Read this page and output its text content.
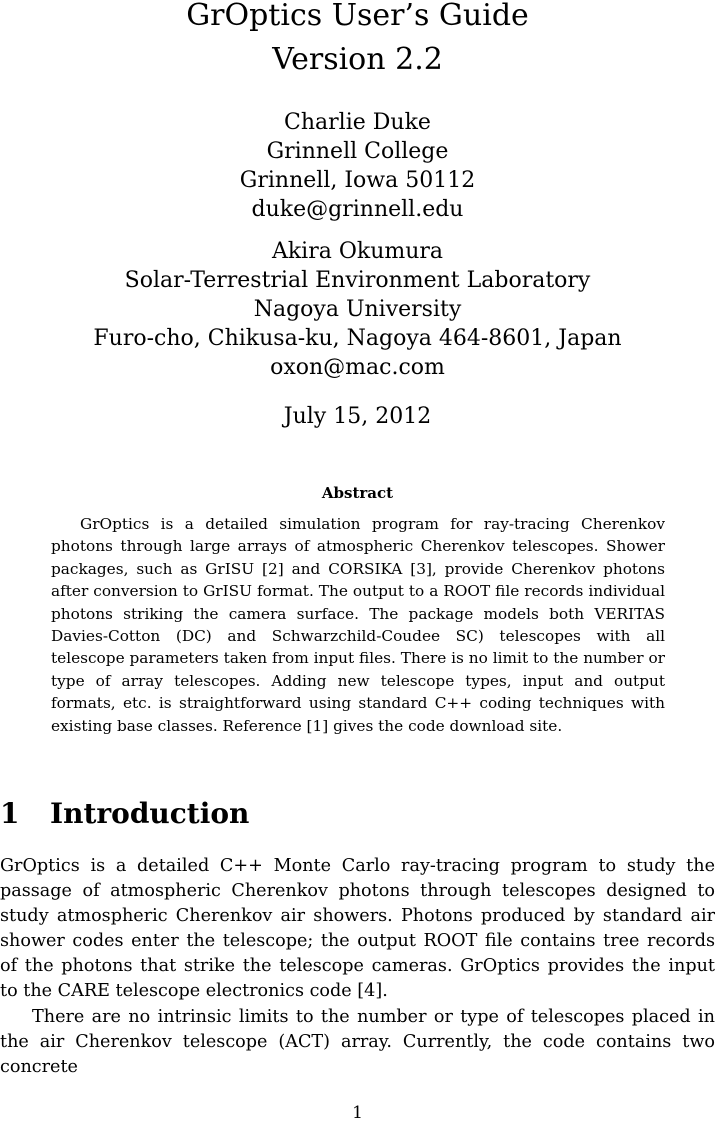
GrOptics User’s Guide
Version 2.2
Charlie Duke
Grinnell College
Grinnell, Iowa 50112
duke@grinnell.edu
Akira Okumura
Solar-Terrestrial Environment Laboratory
Nagoya University
Furo-cho, Chikusa-ku, Nagoya 464-8601, Japan
oxon@mac.com
July 15, 2012
Abstract

GrOptics is a detailed simulation program for ray-tracing Cherenkov photons through large arrays of atmospheric Cherenkov telescopes. Shower packages, such as GrISU [2] and CORSIKA [3], provide Cherenkov photons after conversion to GrISU format. The output to a ROOT file records individual photons striking the camera surface. The package models both VERITAS Davies-Cotton (DC) and Schwarzchild-Coudee SC) telescopes with all telescope parameters taken from input files. There is no limit to the number or type of array telescopes. Adding new telescope types, input and output formats, etc. is straightforward using standard C++ coding techniques with existing base classes. Reference [1] gives the code download site.

1 Introduction

GrOptics is a detailed C++ Monte Carlo ray-tracing program to study the passage of atmospheric Cherenkov photons through telescopes designed to study atmospheric Cherenkov air showers. Photons produced by standard air shower codes enter the telescope; the output ROOT file contains tree records of the photons that strike the telescope cameras. GrOptics provides the input to the CARE telescope electronics code [4].

There are no intrinsic limits to the number or type of telescopes placed in the air Cherenkov telescope (ACT) array. Currently, the code contains two concrete

1
